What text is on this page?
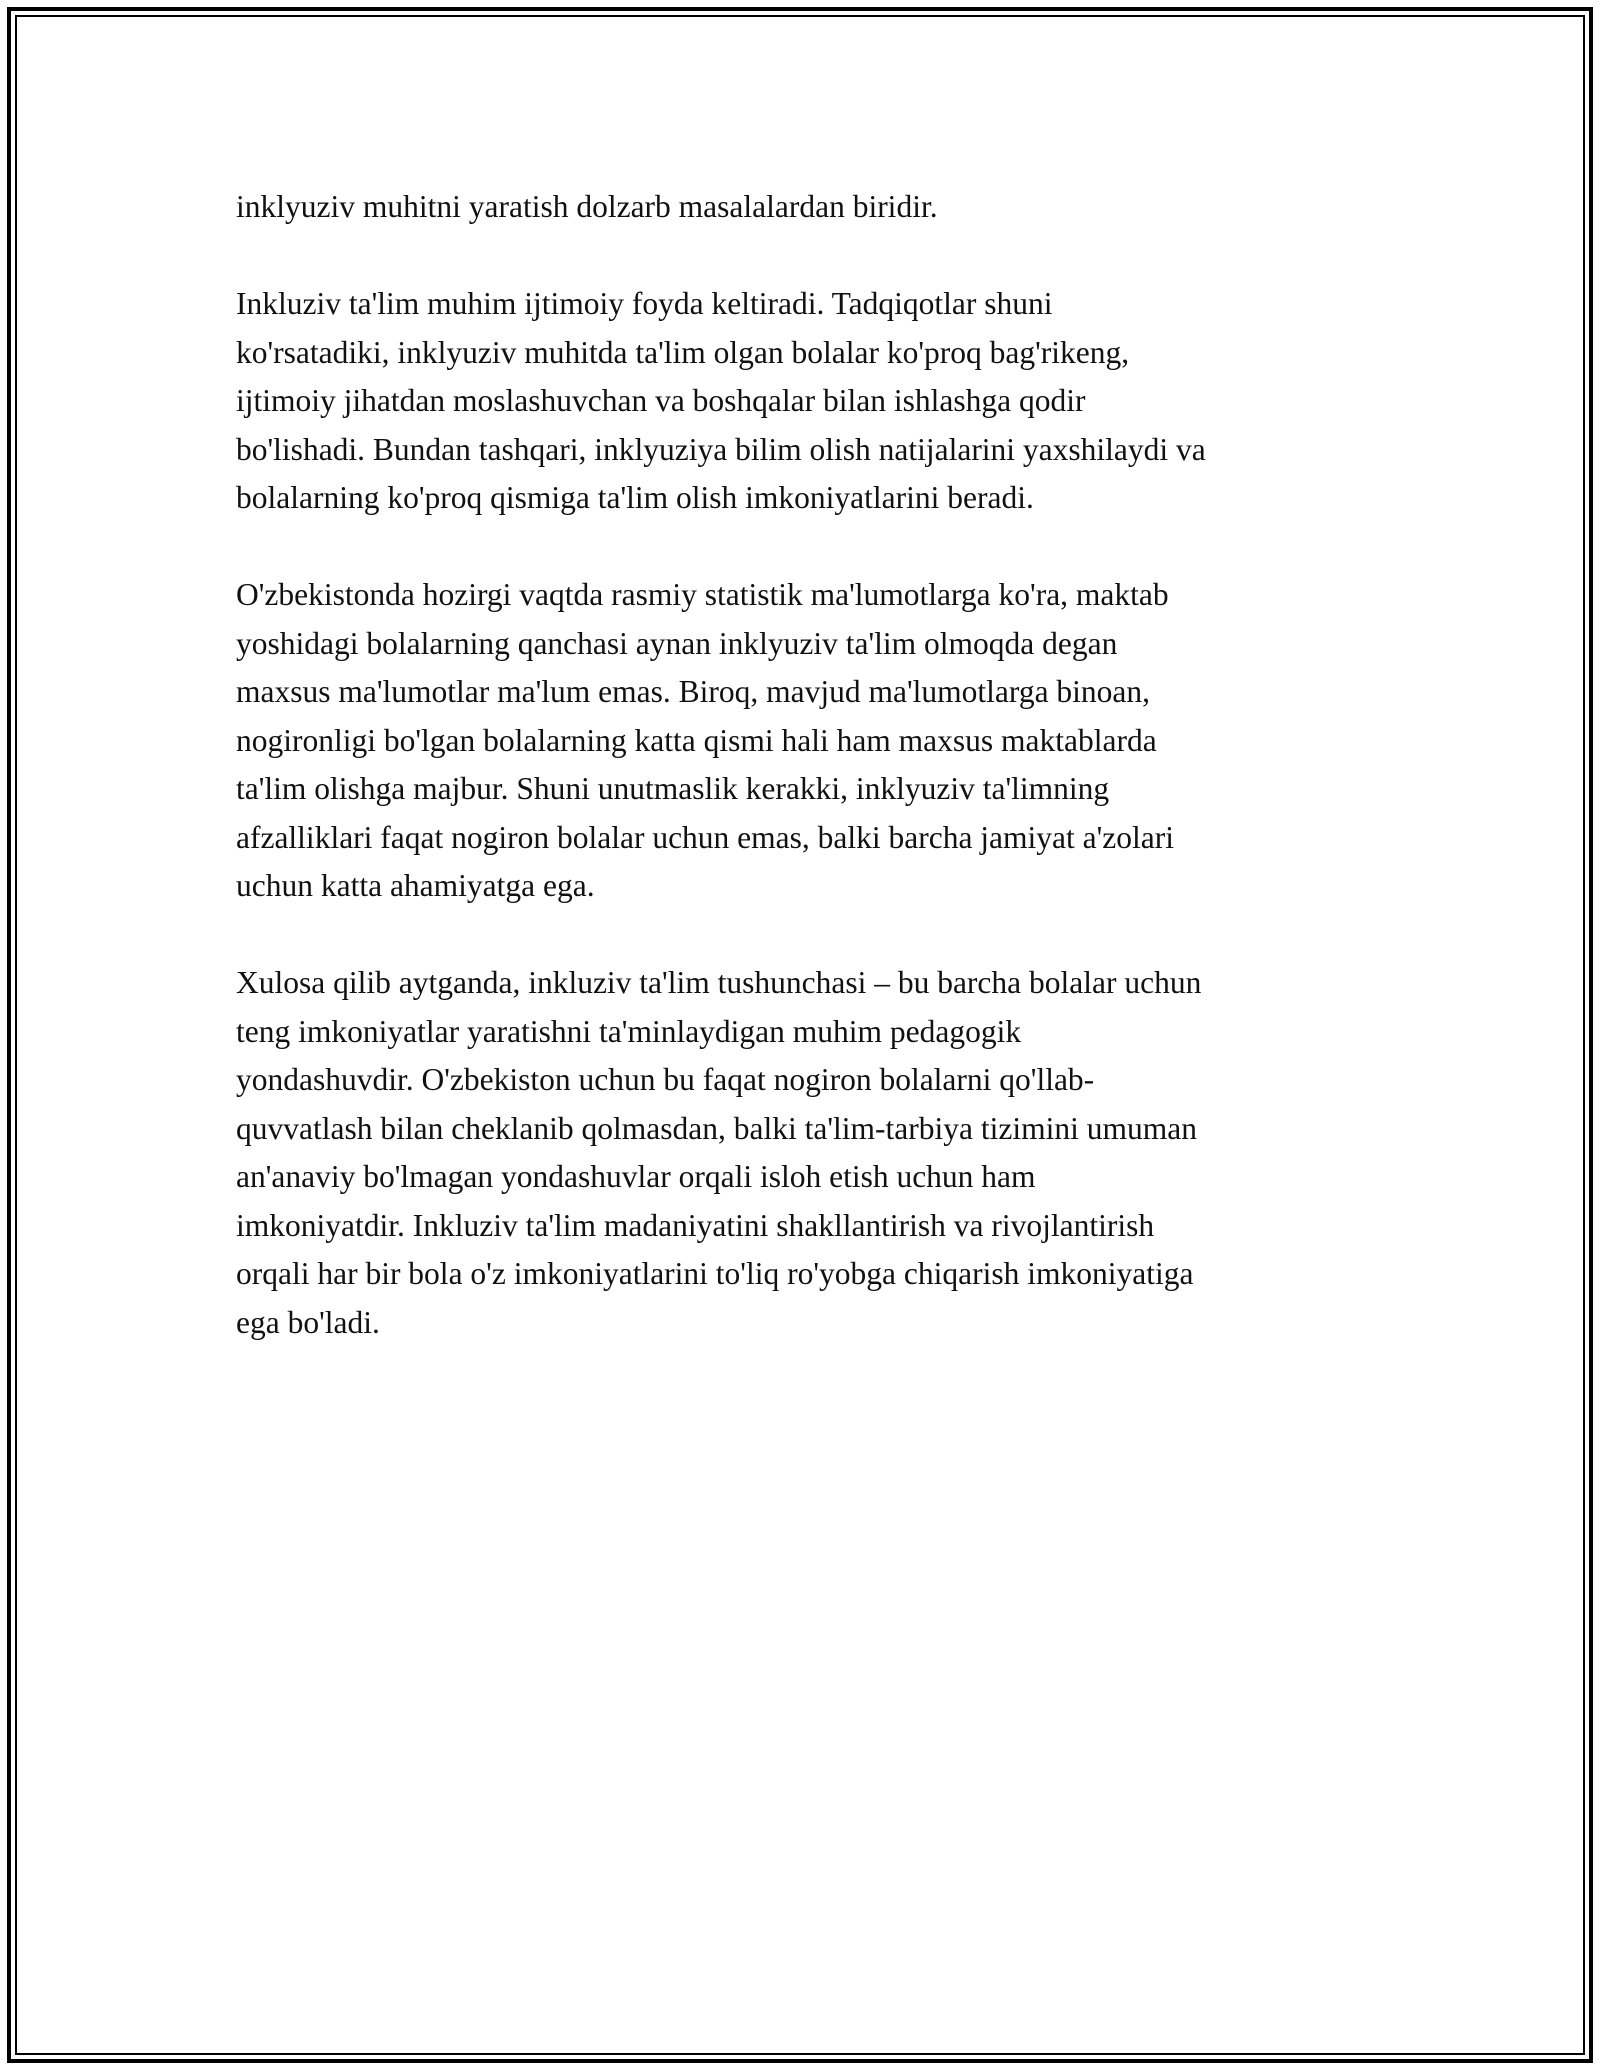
inklyuziv muhitni yaratish dolzarb masalalardan biridir.

Inkluziv ta'lim muhim ijtimoiy foyda keltiradi. Tadqiqotlar shuni
ko'rsatadiki, inklyuziv muhitda ta'lim olgan bolalar ko'proq bag'rikeng,
ijtimoiy jihatdan moslashuvchan va boshqalar bilan ishlashga qodir
bo'lishadi. Bundan tashqari, inklyuziya bilim olish natijalarini yaxshilaydi va
bolalarning ko'proq qismiga ta'lim olish imkoniyatlarini beradi.

O'zbekistonda hozirgi vaqtda rasmiy statistik ma'lumotlarga ko'ra, maktab
yoshidagi bolalarning qanchasi aynan inklyuziv ta'lim olmoqda degan
maxsus ma'lumotlar ma'lum emas. Biroq, mavjud ma'lumotlarga binoan,
nogironligi bo'lgan bolalarning katta qismi hali ham maxsus maktablarda
ta'lim olishga majbur. Shuni unutmaslik kerakki, inklyuziv ta'limning
afzalliklari faqat nogiron bolalar uchun emas, balki barcha jamiyat a'zolari
uchun katta ahamiyatga ega.

Xulosa qilib aytganda, inkluziv ta'lim tushunchasi – bu barcha bolalar uchun
teng imkoniyatlar yaratishni ta'minlaydigan muhim pedagogik
yondashuvdir. O'zbekiston uchun bu faqat nogiron bolalarni qo'llab-
quvvatlash bilan cheklanib qolmasdan, balki ta'lim-tarbiya tizimini umuman
an'anaviy bo'lmagan yondashuvlar orqali isloh etish uchun ham
imkoniyatdir. Inkluziv ta'lim madaniyatini shakllantirish va rivojlantirish
orqali har bir bola o'z imkoniyatlarini to'liq ro'yobga chiqarish imkoniyatiga
ega bo'ladi.
